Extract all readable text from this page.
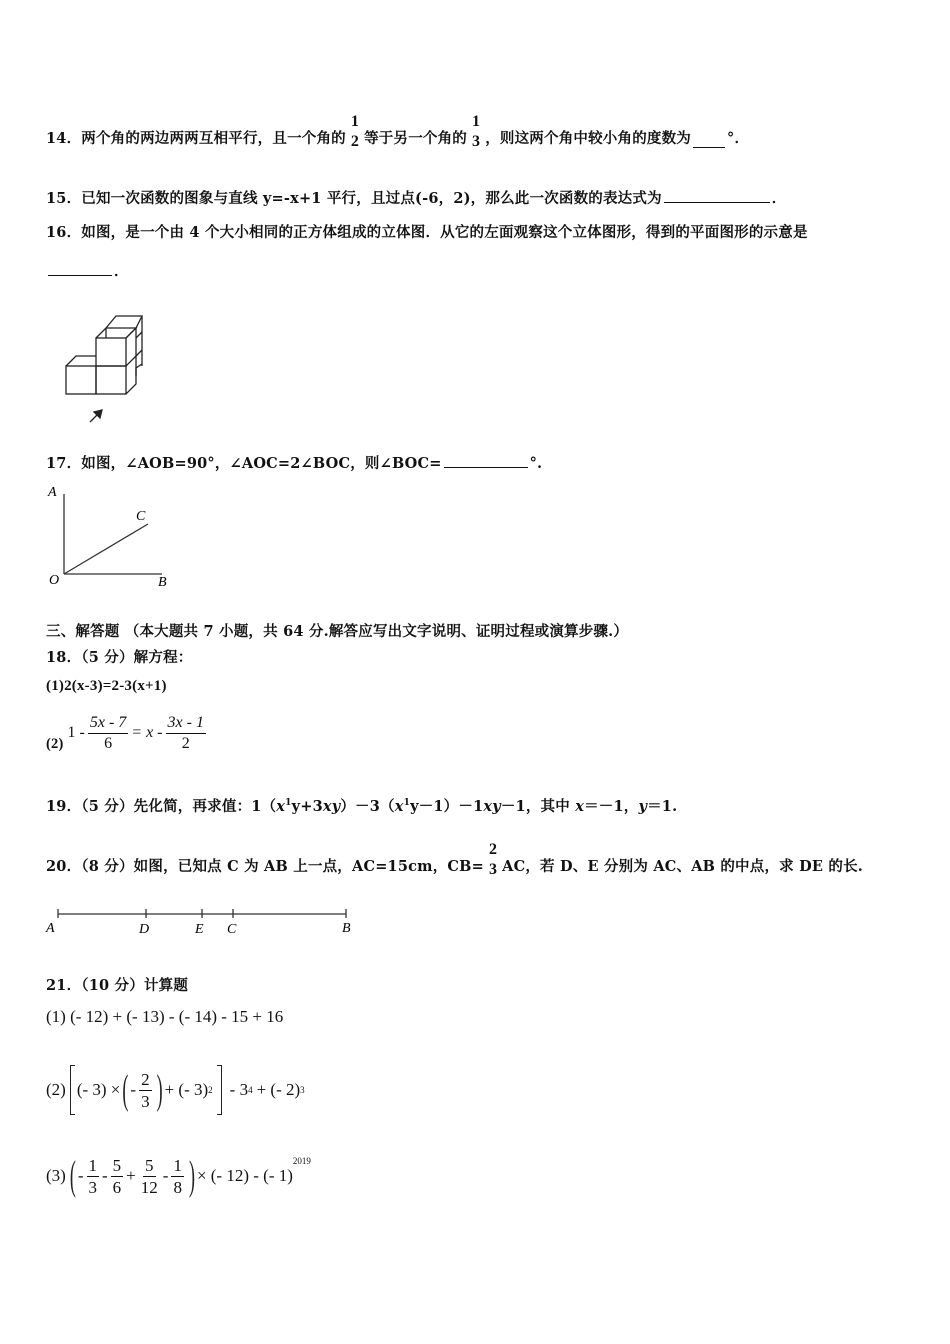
14．两个角的两边两两互相平行，且一个角的
1
2 等于另一个角的
1
3 ，则这两个角中较小角的度数为 °．
15．已知一次函数的图象与直线 y=-x+1 平行，且过点(-6，2)，那么此一次函数的表达式为	．
16．如图，是一个由 4 个大小相同的正方体组成的立体图．从它的左面观察这个立体图形，得到的平面图形的示意是
．
17．如图，∠AOB=90°，∠AOC=2∠BOC，则∠BOC=	°.
A
C
O	B
三、解答题 （本大题共 7 小题，共 64 分.解答应写出文字说明、证明过程或演算步骤.）
18．（5 分）解方程：
(1)2(x-3)=2-3(x+1)
(2)
$1 - \frac{5x - 7}{6} = x - \frac{3x - 1}{2}$
19．（5 分）先化简，再求值：$1(x^1y+3xy)-3(x^1y-1)-1xy-1$，其中 x＝－1，y＝1.
20．（8 分）如图，已知点 C 为 AB 上一点，AC=15cm，CB=
2
3 AC，若 D、E 分别为 AC、AB 的中点，求 DE 的长.
A	D	E C	B
21．（10 分）计算题
(1) (- 12) + (- 13) - (- 14) - 15 + 16
(2) (- 3) × ( - $\frac{2}{3}$ ) + (- 3) 2 - 3 4 + (- 2) 3
(3) ( - $\frac{1}{3} - \frac{5}{6} + \frac{5}{12} - \frac{1}{8}$ ) × (- 12) - (- 1)
2019
